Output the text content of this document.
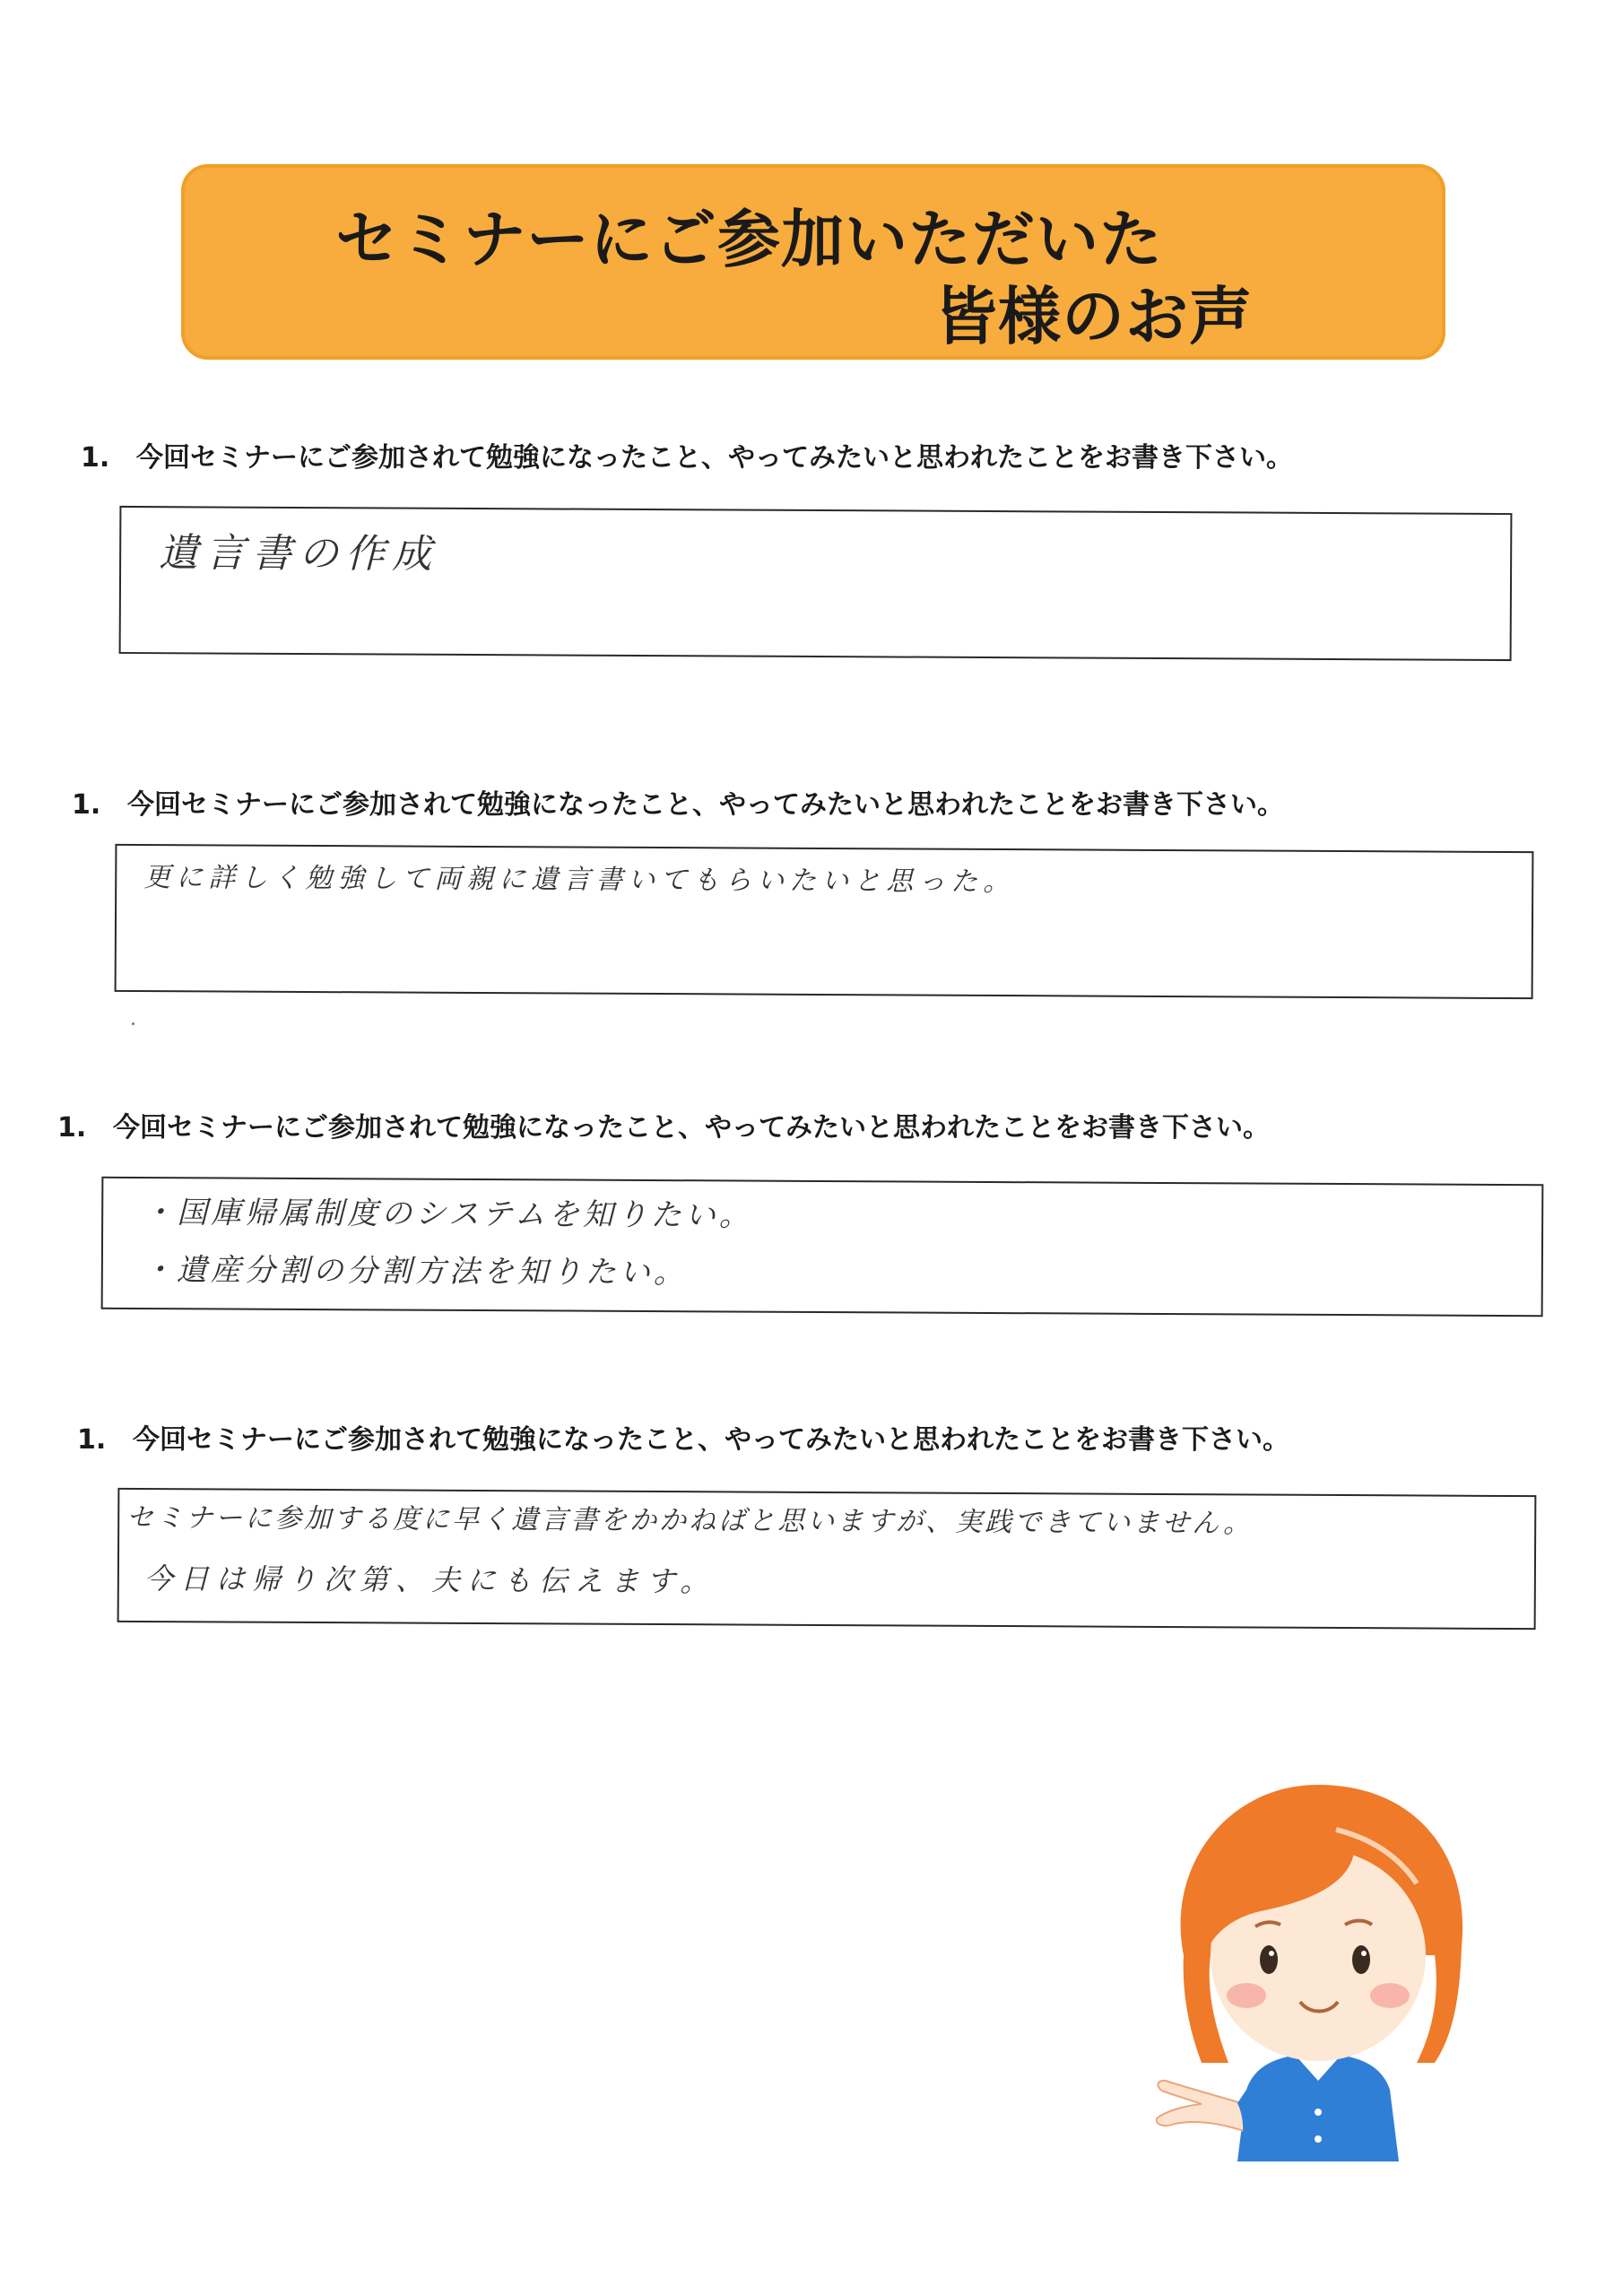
セミナーにご参加いただいた
皆様のお声
1. 今回セミナーにご参加されて勉強になったこと、やってみたいと思われたことをお書き下さい。
遺言書の作成
1. 今回セミナーにご参加されて勉強になったこと、やってみたいと思われたことをお書き下さい。
更に詳しく勉強して両親に遺言書いてもらいたいと思った。
1. 今回セミナーにご参加されて勉強になったこと、やってみたいと思われたことをお書き下さい。
・国庫帰属制度のシステムを知りたい。
・遺産分割の分割方法を知りたい。
1. 今回セミナーにご参加されて勉強になったこと、やってみたいと思われたことをお書き下さい。
セミナーに参加する度に早く遺言書をかかねばと思いますが、実践できていません。
今日は帰り次第、夫にも伝えます。
